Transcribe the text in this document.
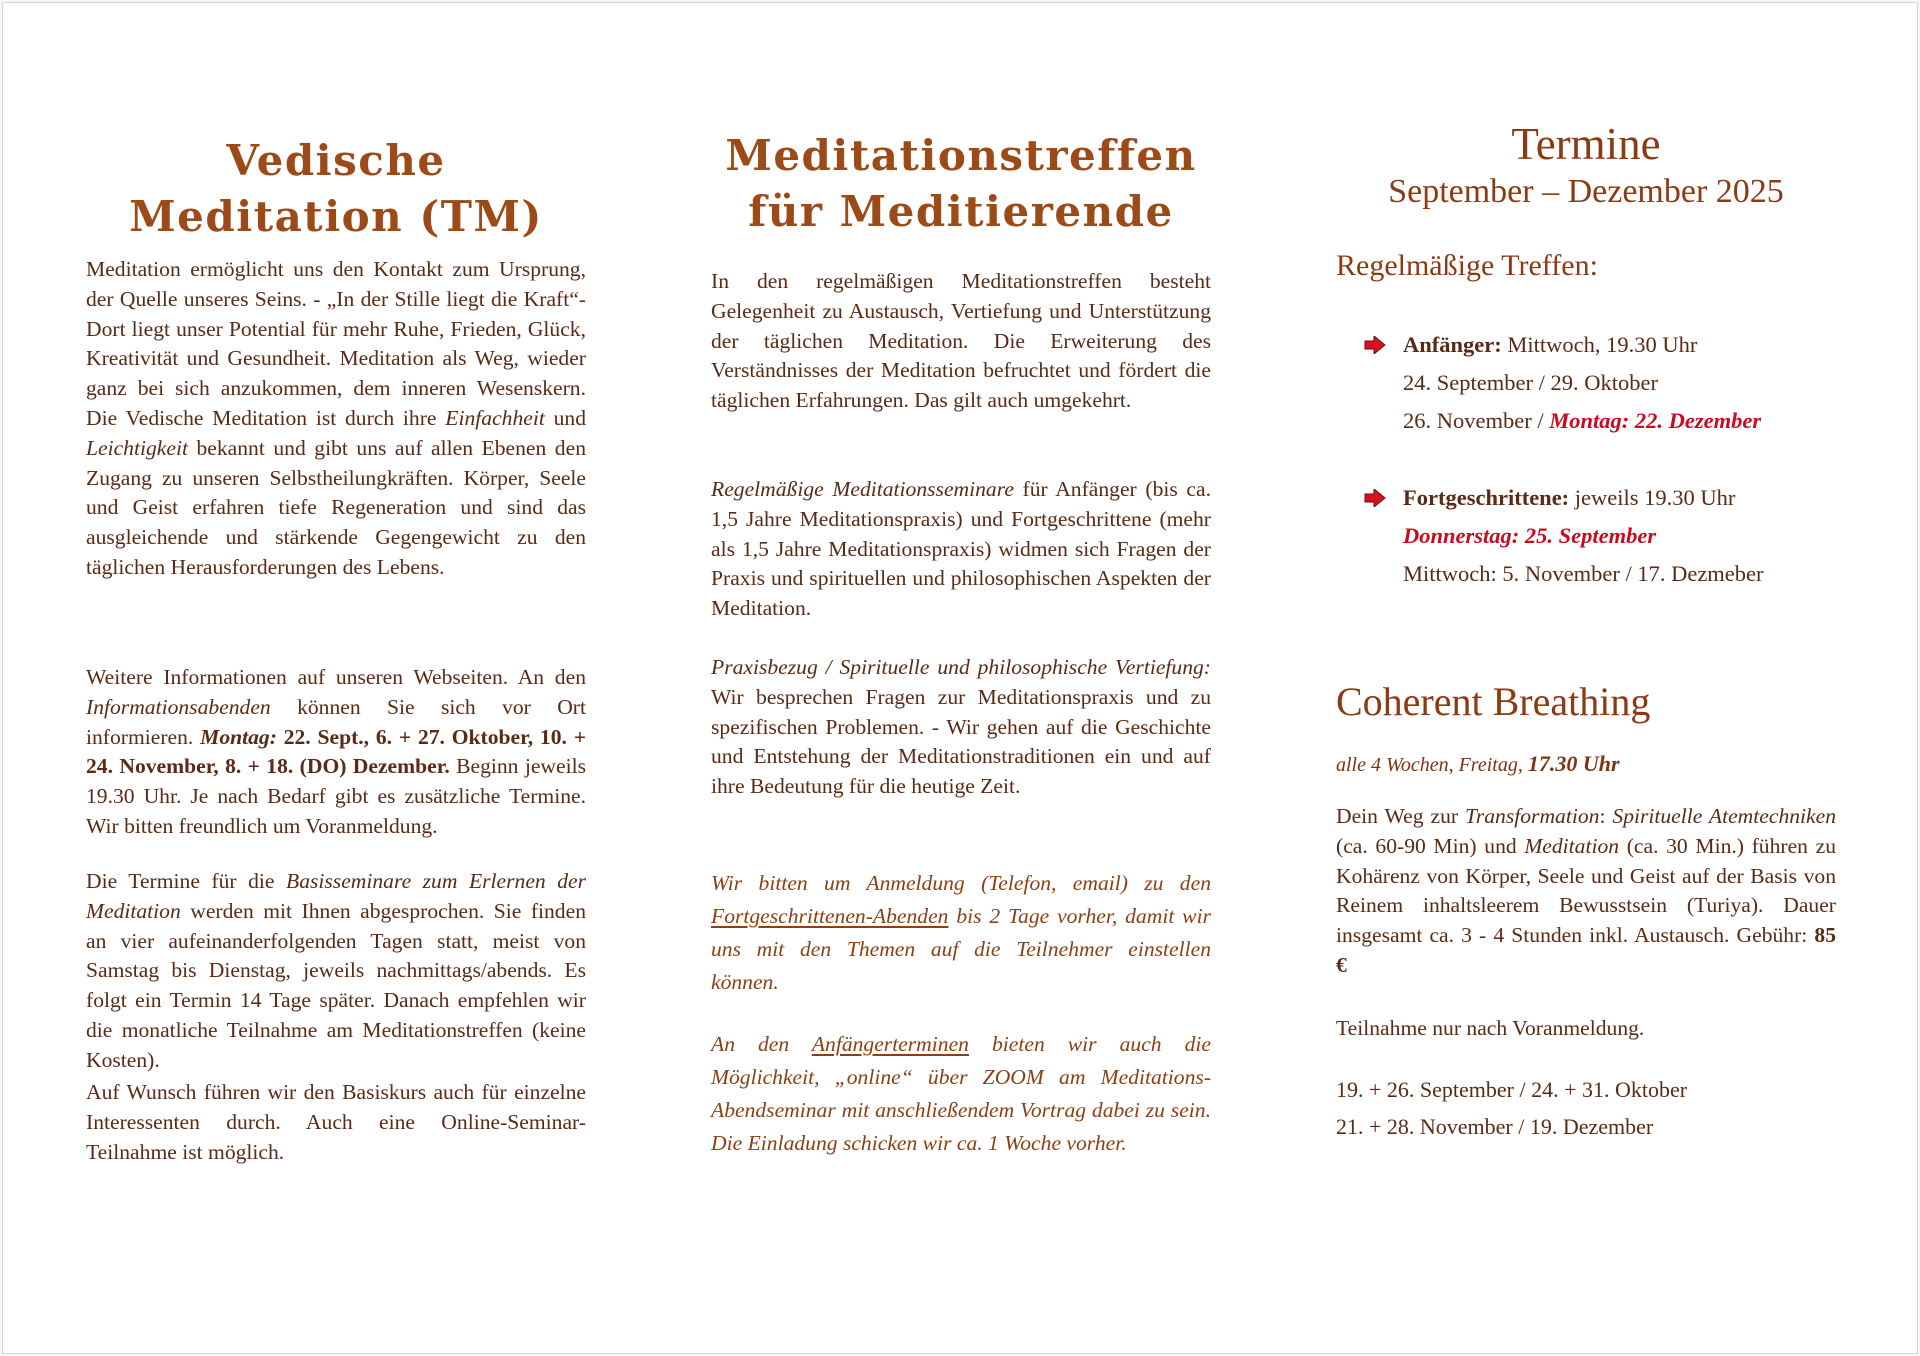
Vedische
Meditation (TM)

Meditation ermöglicht uns den Kontakt zum Ursprung, der Quelle unseres Seins. - „In der Stille liegt die Kraft“- Dort liegt unser Potential für mehr Ruhe, Frieden, Glück, Kreativität und Gesundheit. Meditation als Weg, wieder ganz bei sich anzukommen, dem inneren Wesenskern. Die Vedische Meditation ist durch ihre Einfachheit und Leichtigkeit bekannt und gibt uns auf allen Ebenen den Zugang zu unseren Selbstheilungkräften. Körper, Seele und Geist erfahren tiefe Regeneration und sind das ausgleichende und stärkende Gegengewicht zu den täglichen Herausforderungen des Lebens.

Weitere Informationen auf unseren Webseiten. An den Informationsabenden können Sie sich vor Ort informieren. Montag: 22. Sept., 6. + 27. Oktober, 10. + 24. November, 8. + 18. (DO) Dezember. Beginn jeweils 19.30 Uhr. Je nach Bedarf gibt es zusätzliche Termine. Wir bitten freundlich um Voranmeldung.

Die Termine für die Basisseminare zum Erlernen der Meditation werden mit Ihnen abgesprochen. Sie finden an vier aufeinanderfolgenden Tagen statt, meist von Samstag bis Dienstag, jeweils nachmittags/abends. Es folgt ein Termin 14 Tage später. Danach empfehlen wir die monatliche Teilnahme am Meditationstreffen (keine Kosten).

Auf Wunsch führen wir den Basiskurs auch für einzelne Interessenten durch. Auch eine Online-Seminar-Teilnahme ist möglich.

Meditationstreffen
für Meditierende

In den regelmäßigen Meditationstreffen besteht Gelegenheit zu Austausch, Vertiefung und Unterstützung der täglichen Meditation. Die Erweiterung des Verständnisses der Meditation befruchtet und fördert die täglichen Erfahrungen. Das gilt auch umgekehrt.

Regelmäßige Meditationsseminare für Anfänger (bis ca. 1,5 Jahre Meditationspraxis) und Fortgeschrittene (mehr als 1,5 Jahre Meditationspraxis) widmen sich Fragen der Praxis und spirituellen und philosophischen Aspekten der Meditation.

Praxisbezug / Spirituelle und philosophische Vertiefung: Wir besprechen Fragen zur Meditationspraxis und zu spezifischen Problemen. - Wir gehen auf die Geschichte und Entstehung der Meditationstraditionen ein und auf ihre Bedeutung für die heutige Zeit.

Wir bitten um Anmeldung (Telefon, email) zu den Fortgeschrittenen-Abenden bis 2 Tage vorher, damit wir uns mit den Themen auf die Teilnehmer einstellen können.

An den Anfängerterminen bieten wir auch die Möglichkeit, „online“ über ZOOM am Meditations-Abendseminar mit anschließendem Vortrag dabei zu sein. Die Einladung schicken wir ca. 1 Woche vorher.

Termine
September – Dezember 2025
Regelmäßige Treffen:
Anfänger: Mittwoch, 19.30 Uhr
24. September / 29. Oktober
26. November / Montag: 22. Dezember
Fortgeschrittene: jeweils 19.30 Uhr
Donnerstag: 25. September
Mittwoch: 5. November / 17. Dezmeber
Coherent Breathing
alle 4 Wochen, Freitag, 17.30 Uhr

Dein Weg zur Transformation: Spirituelle Atemtechniken (ca. 60-90 Min) und Meditation (ca. 30 Min.) führen zu Kohärenz von Körper, Seele und Geist auf der Basis von Reinem inhaltsleerem Bewusstsein (Turiya). Dauer insgesamt ca. 3 - 4 Stunden inkl. Austausch. Gebühr: 85 €

Teilnahme nur nach Voranmeldung.

19. + 26. September / 24. + 31. Oktober
21. + 28. November / 19. Dezember
